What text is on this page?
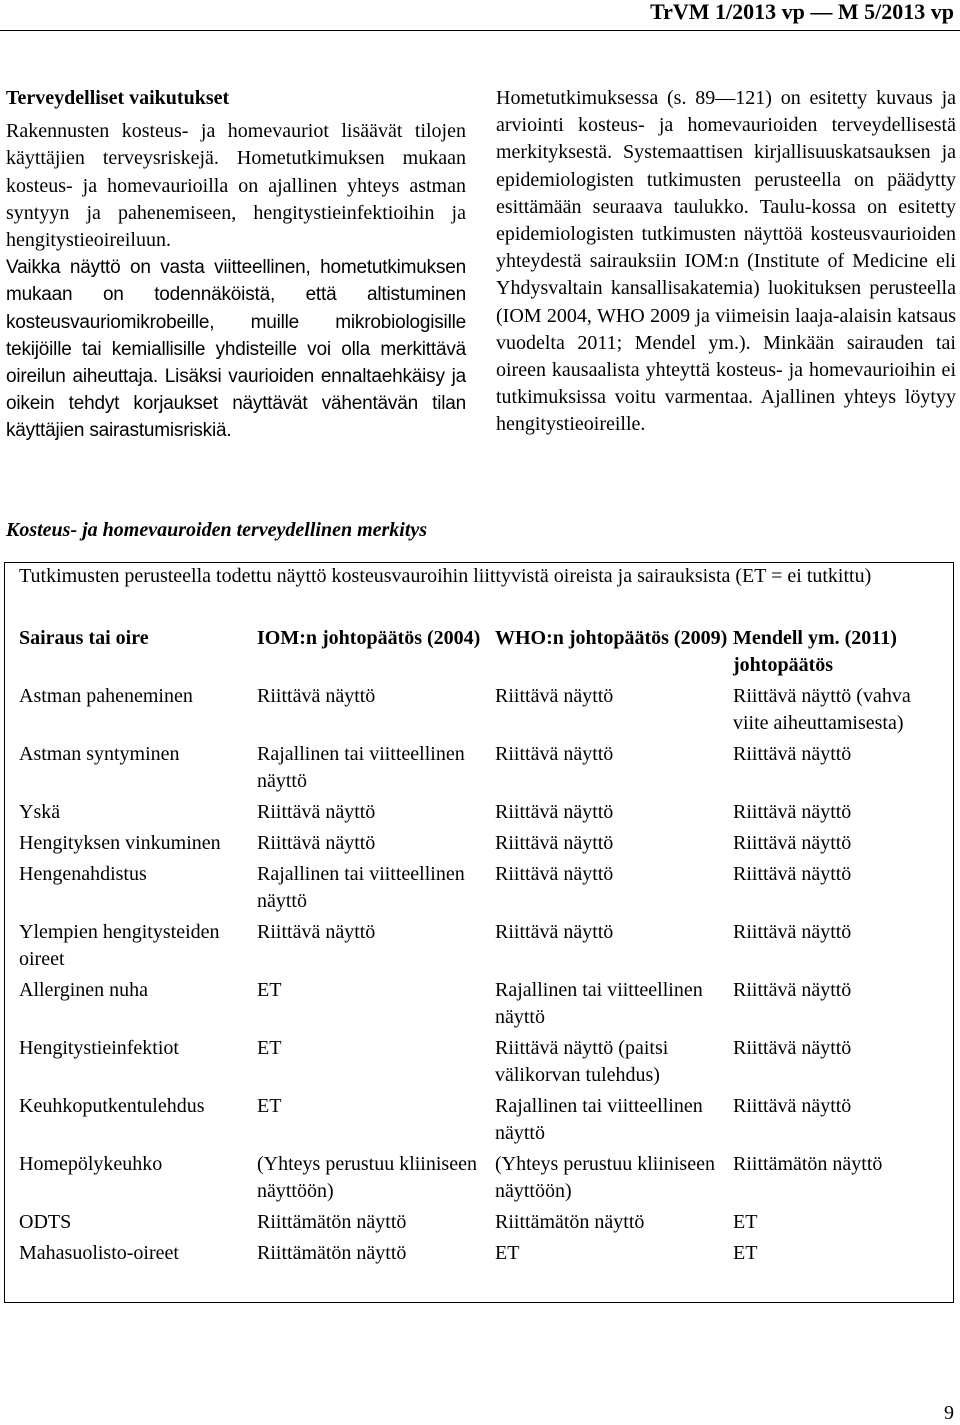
TrVM 1/2013 vp — M 5/2013 vp

Terveydelliset vaikutukset

Rakennusten kosteus- ja homevauriot lisäävät tilojen käyttäjien terveysriskejä. Hometutkimuksen mukaan kosteus- ja homevaurioilla on ajallinen yhteys astman syntyyn ja pahenemiseen, hengitystieinfektioihin ja hengitystieoireiluun.

Vaikka näyttö on vasta viitteellinen, hometutkimuksen mukaan on todennäköistä, että altistuminen kosteusvauriomikrobeille, muille mikrobiologisille tekijöille tai kemiallisille yhdisteille voi olla merkittävä oireilun aiheuttaja. Lisäksi vaurioiden ennaltaehkäisy ja oikein tehdyt korjaukset näyttävät vähentävän tilan käyttäjien sairastumisriskiä.

Hometutkimuksessa (s. 89—121) on esitetty kuvaus ja arviointi kosteus- ja homevaurioiden terveydellisestä merkityksestä. Systemaattisen kirjallisuuskatsauksen ja epidemiologisten tutkimusten perusteella on päädytty esittämään seuraava taulukko. Taulu-kossa on esitetty epidemiologisten tutkimusten näyttöä kosteusvaurioiden yhteydestä sairauksiin IOM:n (Institute of Medicine eli Yhdysvaltain kansallisakatemia) luokituksen perusteella (IOM 2004, WHO 2009 ja viimeisin laaja-alaisin katsaus vuodelta 2011; Mendel ym.). Minkään sairauden tai oireen kausaalista yhteyttä kosteus- ja homevaurioihin ei tutkimuksissa voitu varmentaa. Ajallinen yhteys löytyy hengitystieoireille.

Kosteus- ja homevauroiden terveydellinen merkitys
Tutkimusten perusteella todettu näyttö kosteusvauroihin liittyvistä oireista ja sairauksista (ET = ei tutkittu)
Sairaus tai oire	IOM:n johtopäätös (2004)	WHO:n johtopäätös (2009)	Mendell ym. (2011) johtopäätös
Astman paheneminen	Riittävä näyttö	Riittävä näyttö	Riittävä näyttö (vahva viite aiheuttamisesta)
Astman syntyminen	Rajallinen tai viitteellinen näyttö	Riittävä näyttö	Riittävä näyttö
Yskä	Riittävä näyttö	Riittävä näyttö	Riittävä näyttö
Hengityksen vinkuminen	Riittävä näyttö	Riittävä näyttö	Riittävä näyttö
Hengenahdistus	Rajallinen tai viitteellinen näyttö	Riittävä näyttö	Riittävä näyttö
Ylempien hengitysteiden oireet	Riittävä näyttö	Riittävä näyttö	Riittävä näyttö
Allerginen nuha	ET	Rajallinen tai viitteellinen näyttö	Riittävä näyttö
Hengitystieinfektiot	ET	Riittävä näyttö (paitsi välikorvan tulehdus)	Riittävä näyttö
Keuhkoputkentulehdus	ET	Rajallinen tai viitteellinen näyttö	Riittävä näyttö
Homepölykeuhko	(Yhteys perustuu kliiniseen näyttöön)	(Yhteys perustuu kliiniseen näyttöön)	Riittämätön näyttö
ODTS	Riittämätön näyttö	Riittämätön näyttö	ET
Mahasuolisto-oireet	Riittämätön näyttö	ET	ET
9
